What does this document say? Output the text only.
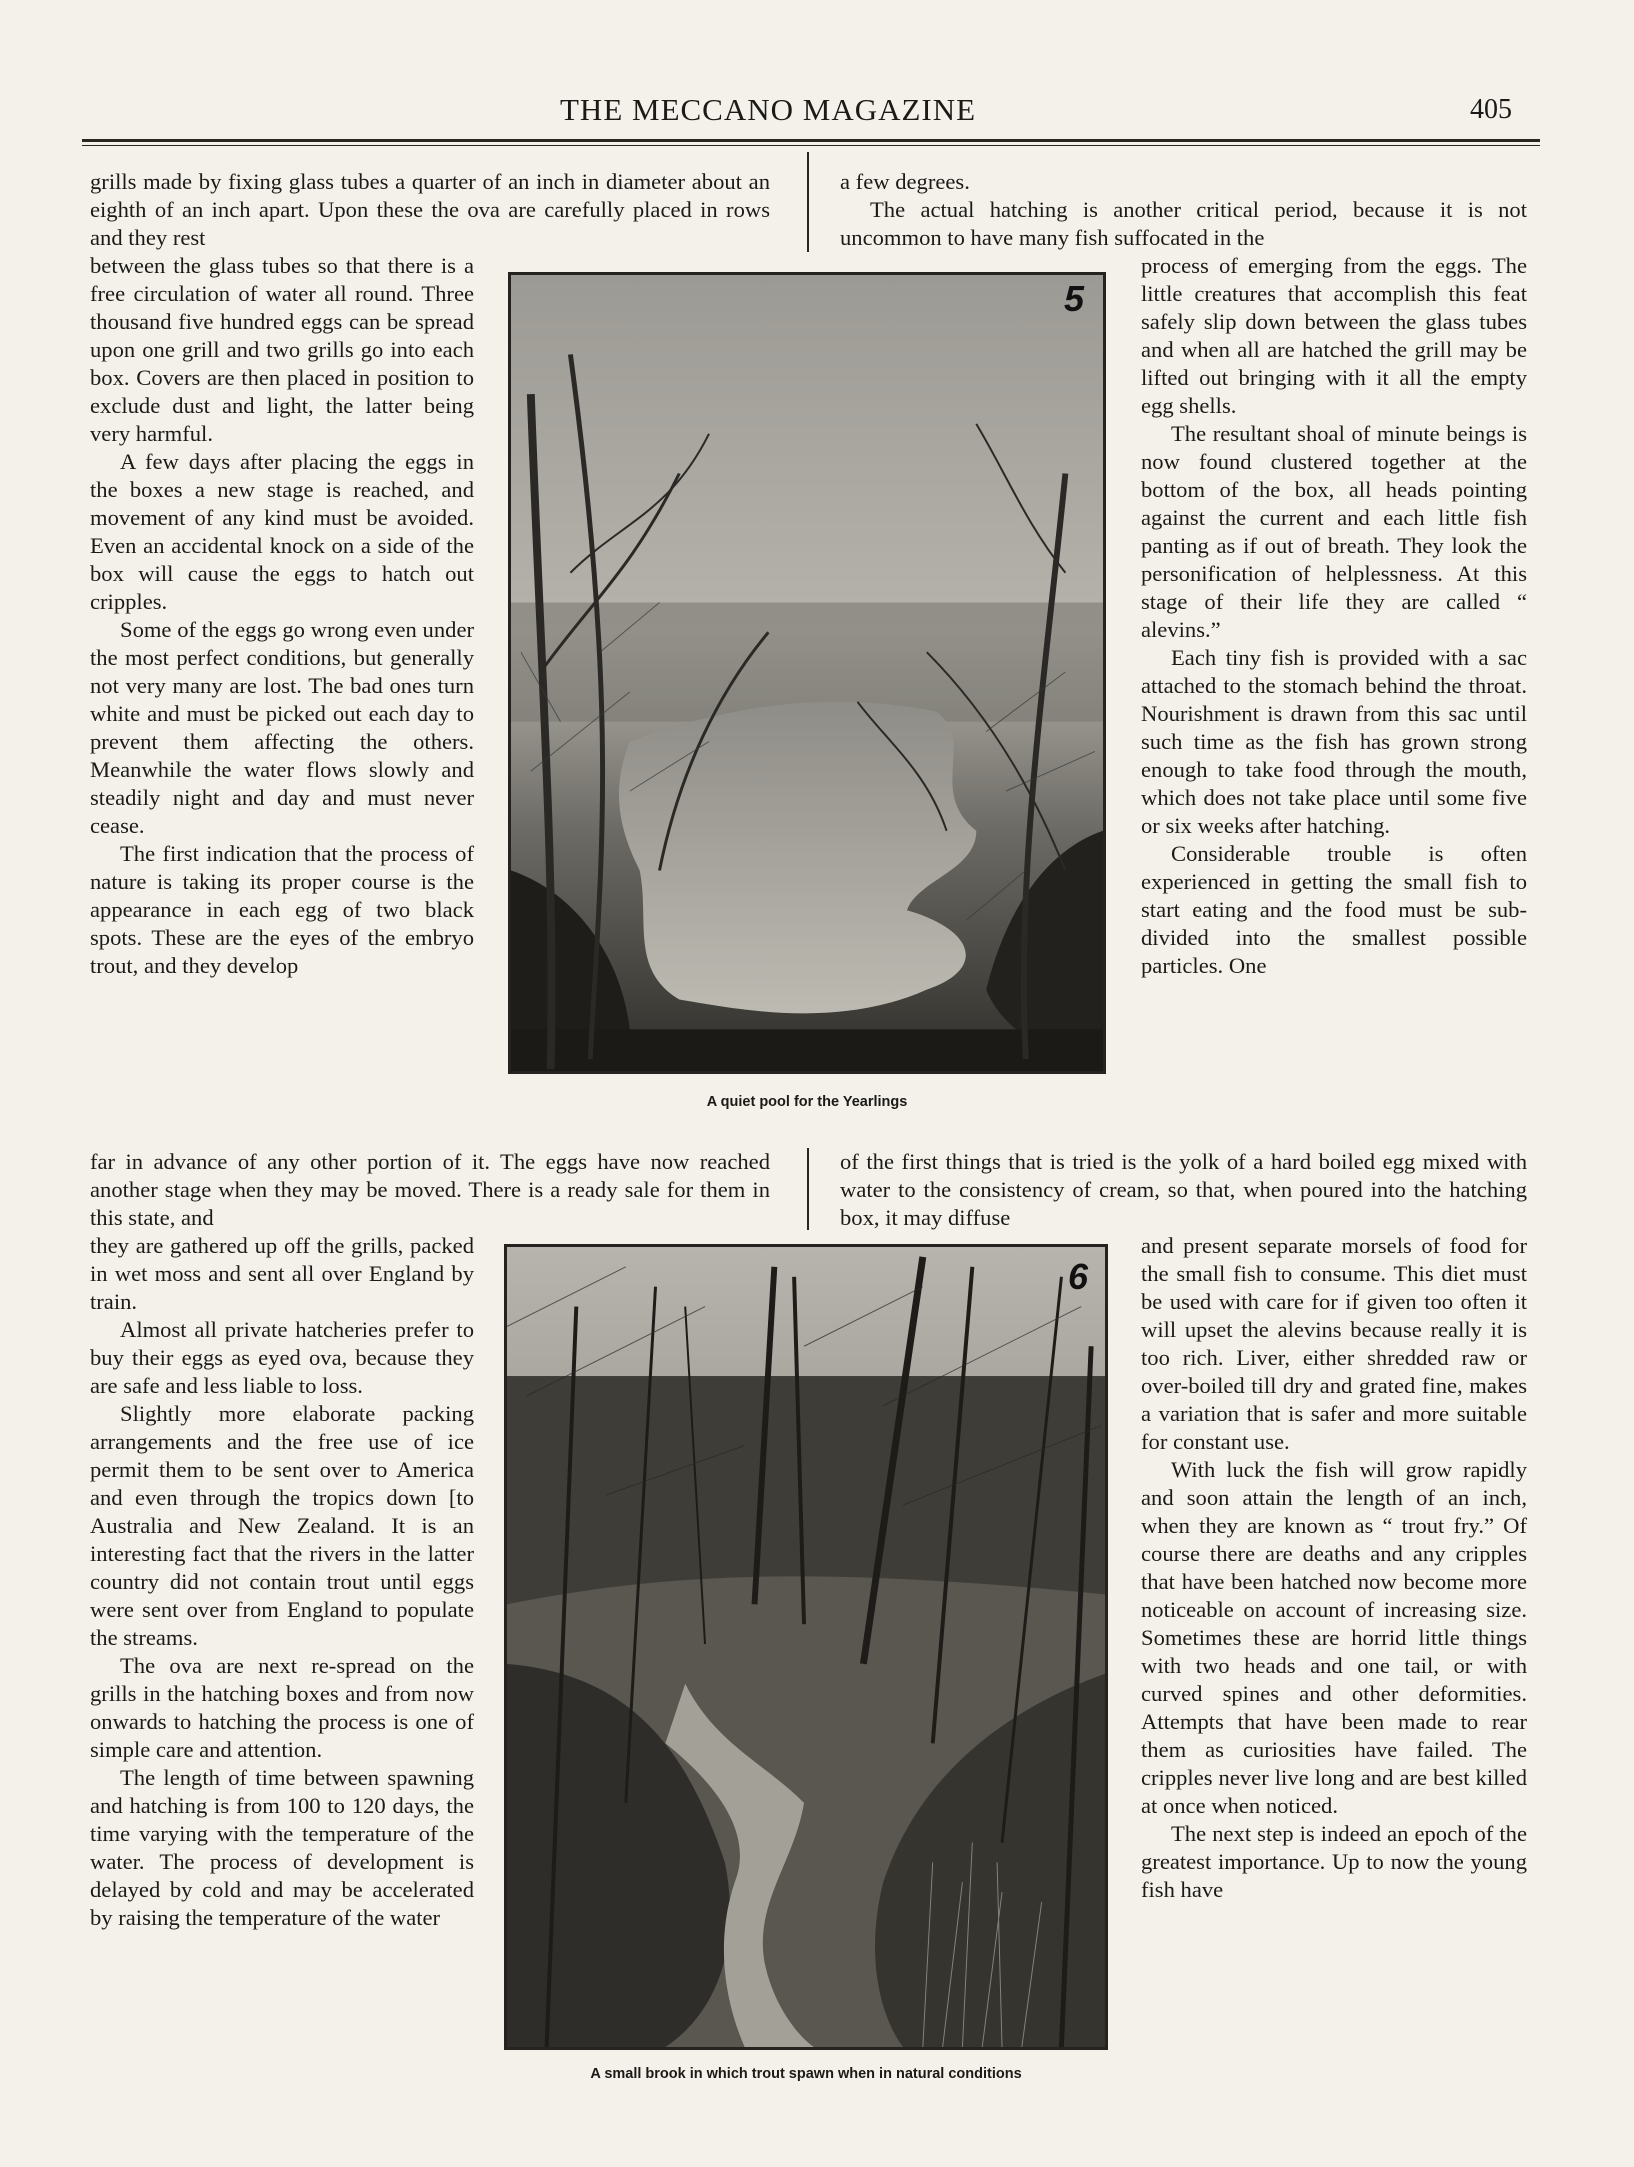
THE MECCANO MAGAZINE	405
grills made by fixing glass tubes a quarter of an inch in diameter about an eighth of an inch apart. Upon these the ova are carefully placed in rows and they rest
a few degrees.
The actual hatching is another critical period, because it is not uncommon to have many fish suffocated in the
between the glass tubes so that there is a free circulation of water all round. Three thousand five hundred eggs can be spread upon one grill and two grills go into each box. Covers are then placed in position to exclude dust and light, the latter being very harmful.
A few days after placing the eggs in the boxes a new stage is reached, and movement of any kind must be avoided. Even an accidental knock on a side of the box will cause the eggs to hatch out cripples.
Some of the eggs go wrong even under the most perfect conditions, but generally not very many are lost. The bad ones turn white and must be picked out each day to prevent them affecting the others. Meanwhile the water flows slowly and steadily night and day and must never cease.
The first indication that the process of nature is taking its proper course is the appearance in each egg of two black spots. These are the eyes of the embryo trout, and they develop
process of emerging from the eggs. The little creatures that accomplish this feat safely slip down between the glass tubes and when all are hatched the grill may be lifted out bringing with it all the empty egg shells.
The resultant shoal of minute beings is now found clustered together at the bottom of the box, all heads pointing against the current and each little fish panting as if out of breath. They look the personification of helplessness. At this stage of their life they are called “ alevins.”
Each tiny fish is provided with a sac attached to the stomach behind the throat. Nourishment is drawn from this sac until such time as the fish has grown strong enough to take food through the mouth, which does not take place until some five or six weeks after hatching.
Considerable trouble is often experienced in getting the small fish to start eating and the food must be sub-divided into the smallest possible particles. One
5
A quiet pool for the Yearlings
far in advance of any other portion of it. The eggs have now reached another stage when they may be moved. There is a ready sale for them in this state, and
of the first things that is tried is the yolk of a hard boiled egg mixed with water to the consistency of cream, so that, when poured into the hatching box, it may diffuse
they are gathered up off the grills, packed in wet moss and sent all over England by train.
Almost all private hatcheries prefer to buy their eggs as eyed ova, because they are safe and less liable to loss.
Slightly more elaborate packing arrangements and the free use of ice permit them to be sent over to America and even through the tropics down [to Australia and New Zealand. It is an interesting fact that the rivers in the latter country did not contain trout until eggs were sent over from England to populate the streams.
The ova are next re-spread on the grills in the hatching boxes and from now onwards to hatching the process is one of simple care and attention.
The length of time between spawning and hatching is from 100 to 120 days, the time varying with the temperature of the water. The process of development is delayed by cold and may be accelerated by raising the temperature of the water
and present separate morsels of food for the small fish to consume. This diet must be used with care for if given too often it will upset the alevins because really it is too rich. Liver, either shredded raw or over-boiled till dry and grated fine, makes a variation that is safer and more suitable for constant use.
With luck the fish will grow rapidly and soon attain the length of an inch, when they are known as “ trout fry.” Of course there are deaths and any cripples that have been hatched now become more noticeable on account of increasing size. Sometimes these are horrid little things with two heads and one tail, or with curved spines and other deformities. Attempts that have been made to rear them as curiosities have failed. The cripples never live long and are best killed at once when noticed.
The next step is indeed an epoch of the greatest importance. Up to now the young fish have
6
A small brook in which trout spawn when in natural conditions
